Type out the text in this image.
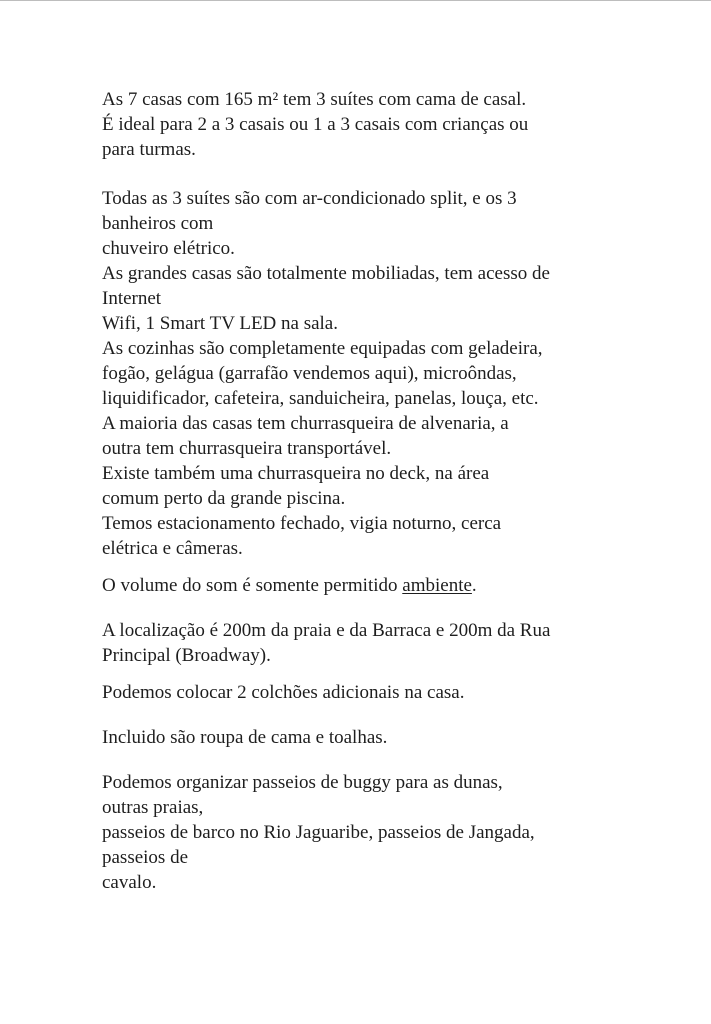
As 7 casas com 165 m² tem 3 suítes com cama de casal.
É ideal para 2 a 3 casais ou 1 a 3 casais com crianças ou
para turmas.
Todas as 3 suítes são com ar-condicionado split, e os 3
banheiros com
chuveiro elétrico.
As grandes casas são totalmente mobiliadas, tem acesso de
Internet
Wifi, 1 Smart TV LED na sala.
As cozinhas são completamente equipadas com geladeira,
fogão, gelágua (garrafão vendemos aqui), microôndas,
liquidificador, cafeteira, sanduicheira, panelas, louça, etc.
A maioria das casas tem churrasqueira de alvenaria, a
outra tem churrasqueira transportável.
Existe também uma churrasqueira no deck, na área
comum perto da grande piscina.
Temos estacionamento fechado, vigia noturno, cerca
elétrica e câmeras.
O volume do som é somente permitido ambiente.
A localização é 200m da praia e da Barraca e 200m da Rua
Principal (Broadway).
Podemos colocar 2 colchões adicionais na casa.
Incluido são roupa de cama e toalhas.
Podemos organizar passeios de buggy para as dunas,
outras praias,
passeios de barco no Rio Jaguaribe, passeios de Jangada,
passeios de
cavalo.
